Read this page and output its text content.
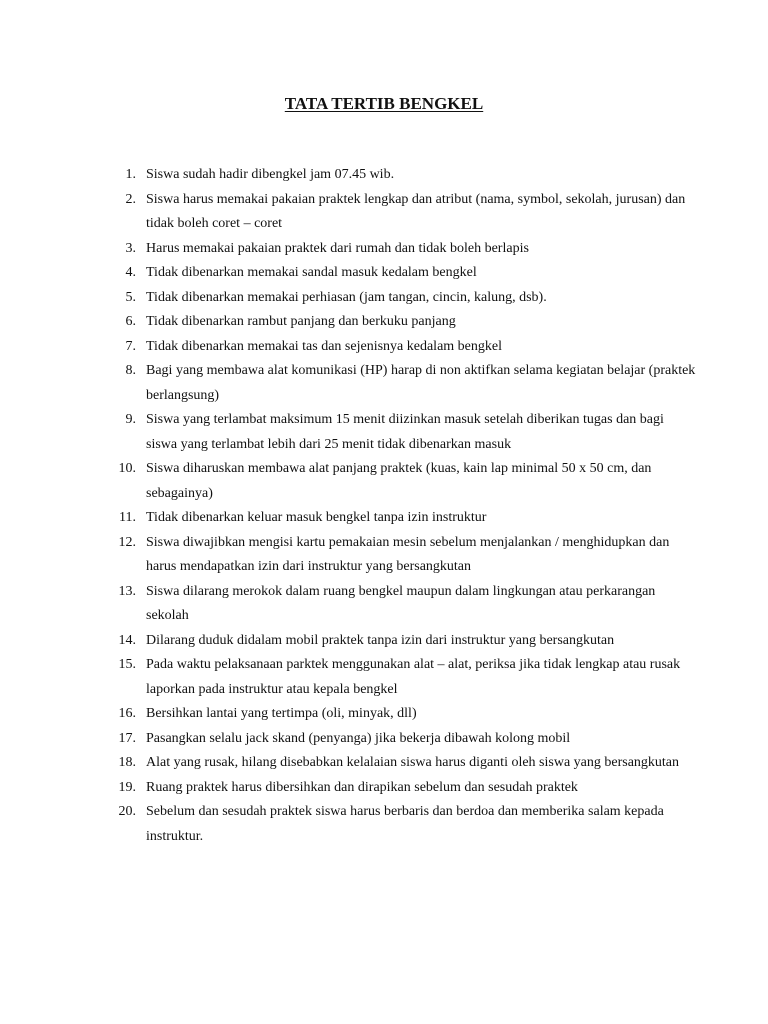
TATA TERTIB BENGKEL
1. Siswa sudah hadir dibengkel jam 07.45 wib.
2. Siswa harus memakai pakaian praktek lengkap dan atribut (nama, symbol, sekolah, jurusan) dan
tidak boleh coret – coret
3. Harus memakai pakaian praktek dari rumah dan tidak boleh berlapis
4. Tidak dibenarkan memakai sandal masuk kedalam bengkel
5. Tidak dibenarkan memakai perhiasan (jam tangan, cincin, kalung, dsb).
6. Tidak dibenarkan rambut panjang dan berkuku panjang
7. Tidak dibenarkan memakai tas dan sejenisnya kedalam bengkel
8. Bagi yang membawa alat komunikasi (HP) harap di non aktifkan selama kegiatan belajar (praktek
berlangsung)
9. Siswa yang terlambat maksimum 15 menit diizinkan masuk setelah diberikan tugas dan bagi
siswa yang terlambat lebih dari 25 menit tidak dibenarkan masuk
10. Siswa diharuskan membawa alat panjang praktek (kuas, kain lap minimal 50 x 50 cm, dan
sebagainya)
11. Tidak dibenarkan keluar masuk bengkel tanpa izin instruktur
12. Siswa diwajibkan mengisi kartu pemakaian mesin sebelum menjalankan / menghidupkan dan
harus mendapatkan izin dari instruktur yang bersangkutan
13. Siswa dilarang merokok dalam ruang bengkel maupun dalam lingkungan atau perkarangan
sekolah
14. Dilarang duduk didalam mobil praktek tanpa izin dari instruktur yang bersangkutan
15. Pada waktu pelaksanaan parktek menggunakan alat – alat, periksa jika tidak lengkap atau rusak
laporkan pada instruktur atau kepala bengkel
16. Bersihkan lantai yang tertimpa (oli, minyak, dll)
17. Pasangkan selalu jack skand (penyanga) jika bekerja dibawah kolong mobil
18. Alat yang rusak, hilang disebabkan kelalaian siswa harus diganti oleh siswa yang bersangkutan
19. Ruang praktek harus dibersihkan dan dirapikan sebelum dan sesudah praktek
20. Sebelum dan sesudah praktek siswa harus berbaris dan berdoa dan memberika salam kepada
instruktur.
